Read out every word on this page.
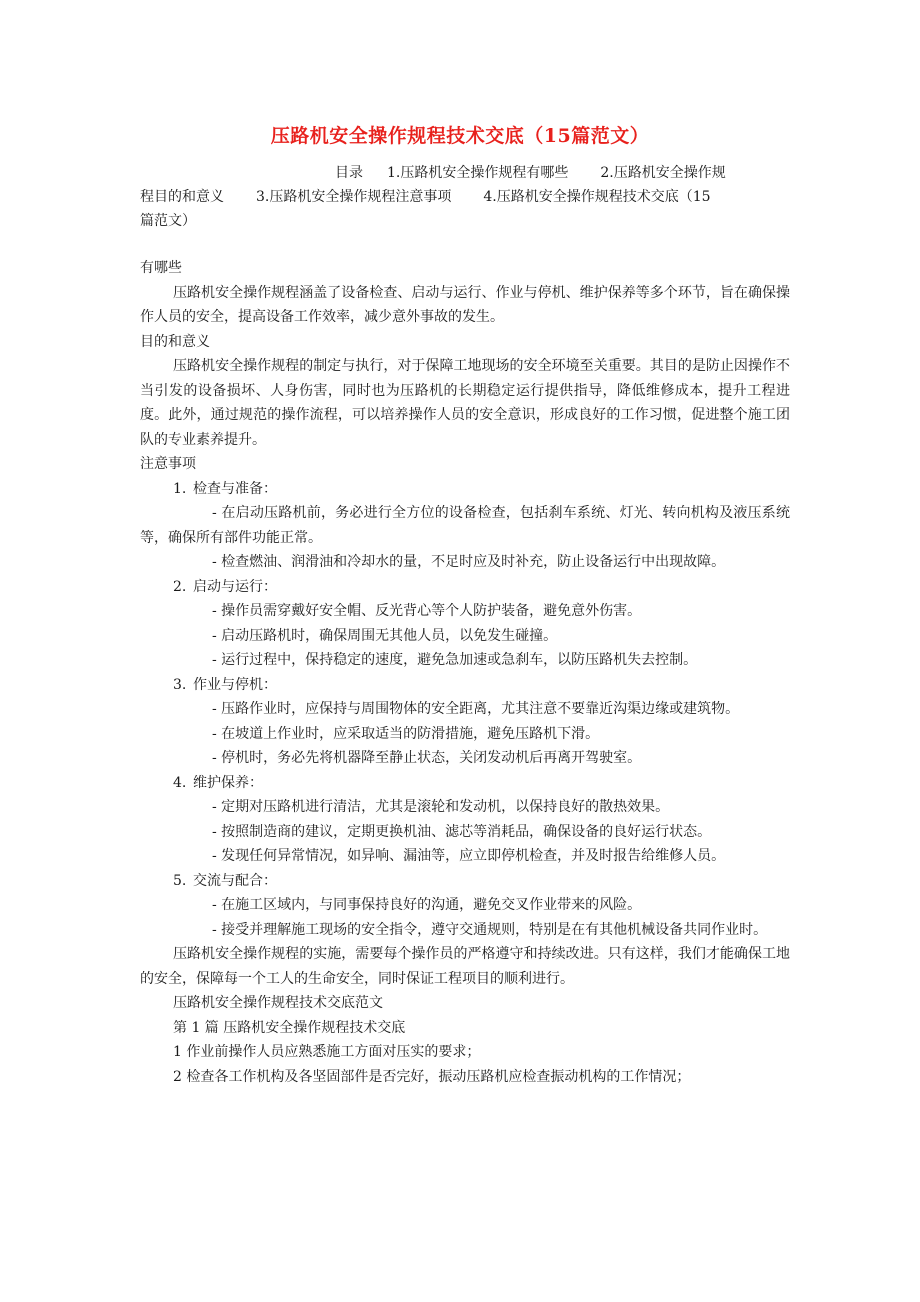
压路机安全操作规程技术交底（15篇范文）
目录 1.压路机安全操作规程有哪些 2.压路机安全操作规
程目的和意义 3.压路机安全操作规程注意事项 4.压路机安全操作规程技术交底（15
篇范文）

有哪些

压路机安全操作规程涵盖了设备检查、启动与运行、作业与停机、维护保养等多个环节，旨在确保操作人员的安全，提高设备工作效率，减少意外事故的发生。

目的和意义

压路机安全操作规程的制定与执行，对于保障工地现场的安全环境至关重要。其目的是防止因操作不当引发的设备损坏、人身伤害，同时也为压路机的长期稳定运行提供指导，降低维修成本，提升工程进度。此外，通过规范的操作流程，可以培养操作人员的安全意识，形成良好的工作习惯，促进整个施工团队的专业素养提升。

注意事项

1. 检查与准备：

- 在启动压路机前，务必进行全方位的设备检查，包括刹车系统、灯光、转向机构及液压系统等，确保所有部件功能正常。

- 检查燃油、润滑油和冷却水的量，不足时应及时补充，防止设备运行中出现故障。

2. 启动与运行：

- 操作员需穿戴好安全帽、反光背心等个人防护装备，避免意外伤害。

- 启动压路机时，确保周围无其他人员，以免发生碰撞。

- 运行过程中，保持稳定的速度，避免急加速或急刹车，以防压路机失去控制。

3. 作业与停机：

- 压路作业时，应保持与周围物体的安全距离，尤其注意不要靠近沟渠边缘或建筑物。

- 在坡道上作业时，应采取适当的防滑措施，避免压路机下滑。

- 停机时，务必先将机器降至静止状态，关闭发动机后再离开驾驶室。

4. 维护保养：

- 定期对压路机进行清洁，尤其是滚轮和发动机，以保持良好的散热效果。

- 按照制造商的建议，定期更换机油、滤芯等消耗品，确保设备的良好运行状态。

- 发现任何异常情况，如异响、漏油等，应立即停机检查，并及时报告给维修人员。

5. 交流与配合：

- 在施工区域内，与同事保持良好的沟通，避免交叉作业带来的风险。

- 接受并理解施工现场的安全指令，遵守交通规则，特别是在有其他机械设备共同作业时。

压路机安全操作规程的实施，需要每个操作员的严格遵守和持续改进。只有这样，我们才能确保工地的安全，保障每一个工人的生命安全，同时保证工程项目的顺利进行。

压路机安全操作规程技术交底范文

第 1 篇 压路机安全操作规程技术交底

1 作业前操作人员应熟悉施工方面对压实的要求；

2 检查各工作机构及各坚固部件是否完好，振动压路机应检查振动机构的工作情况；
